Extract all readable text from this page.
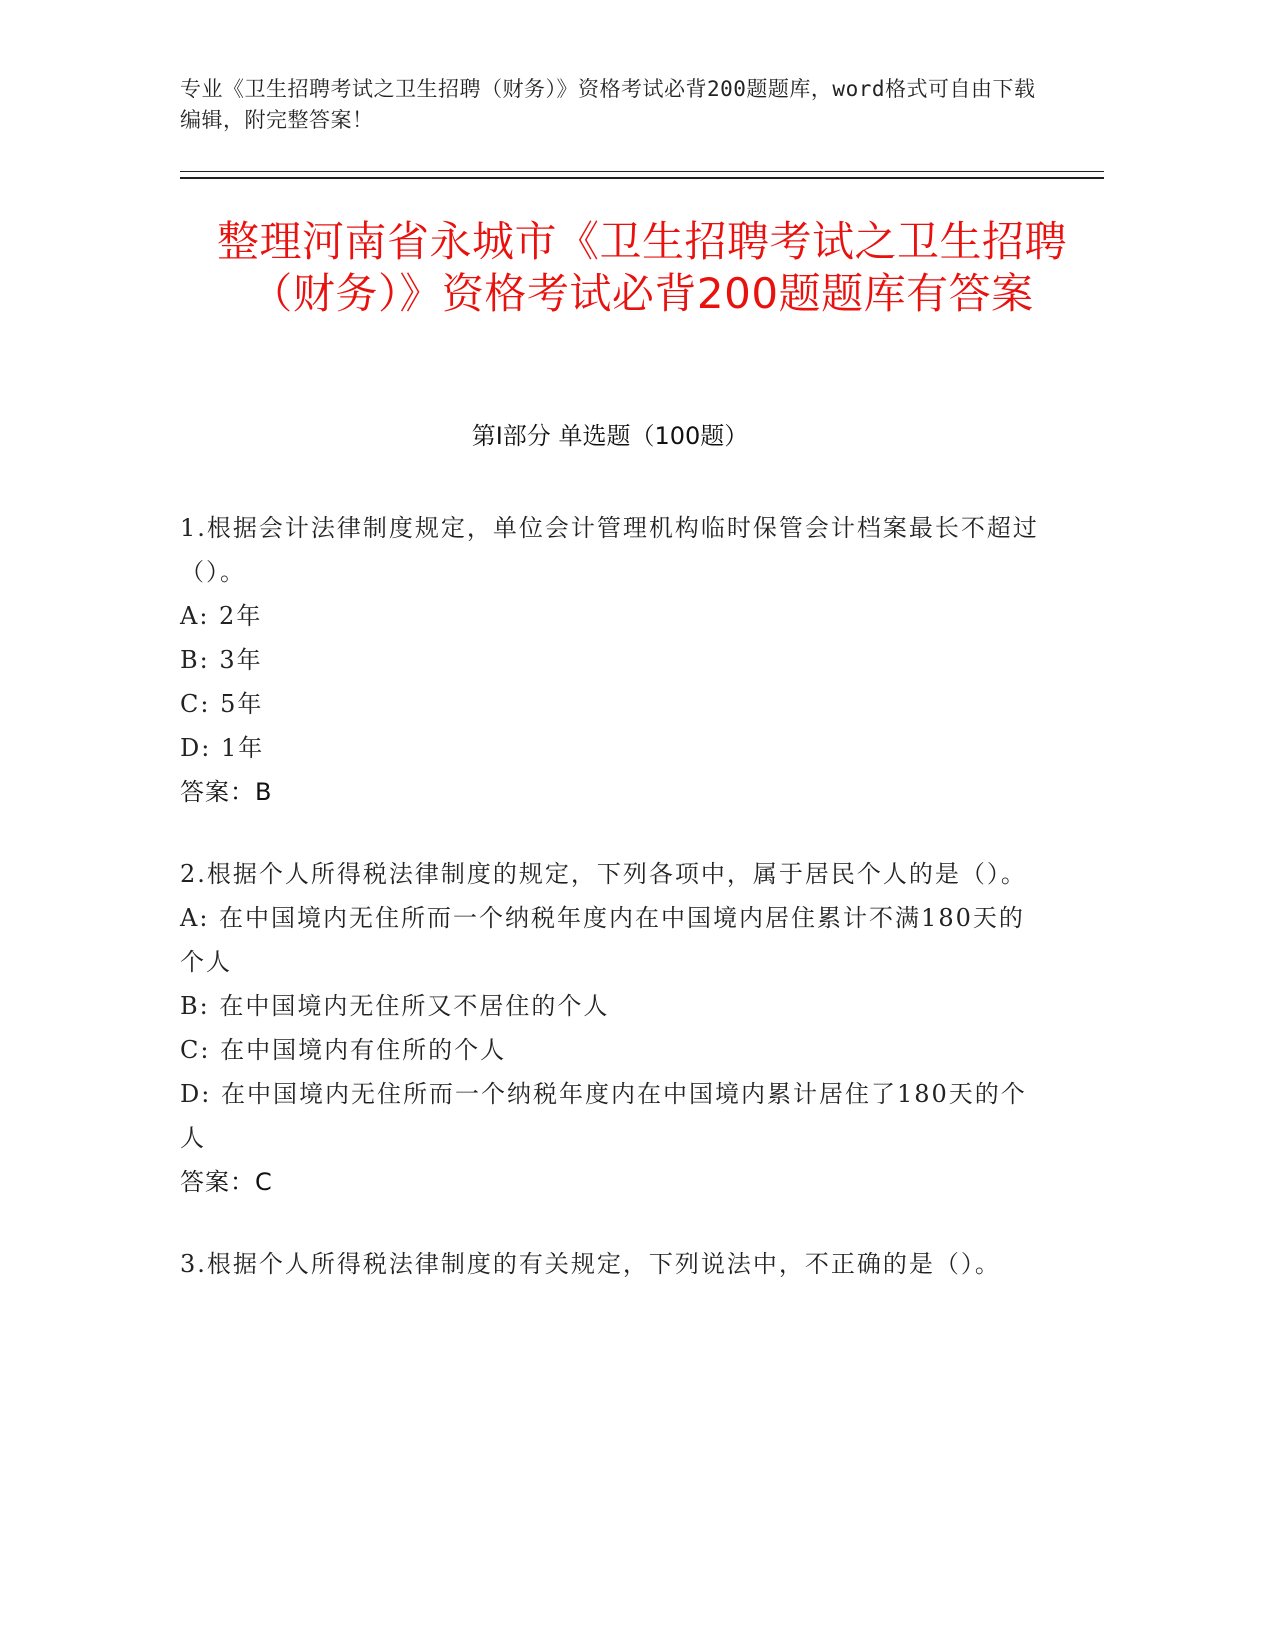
专业《卫生招聘考试之卫生招聘（财务）》资格考试必背200题题库，word格式可自由下载编辑，附完整答案！
整理河南省永城市《卫生招聘考试之卫生招聘（财务）》资格考试必背200题题库有答案
第Ⅰ部分 单选题（100题）

1.根据会计法律制度规定，单位会计管理机构临时保管会计档案最长不超过（）。

A: 2年

B: 3年

C: 5年

D: 1年

答案：B

2.根据个人所得税法律制度的规定，下列各项中，属于居民个人的是（）。

A: 在中国境内无住所而一个纳税年度内在中国境内居住累计不满180天的个人

B: 在中国境内无住所又不居住的个人

C: 在中国境内有住所的个人

D: 在中国境内无住所而一个纳税年度内在中国境内累计居住了180天的个人

答案：C

3.根据个人所得税法律制度的有关规定，下列说法中，不正确的是（）。
